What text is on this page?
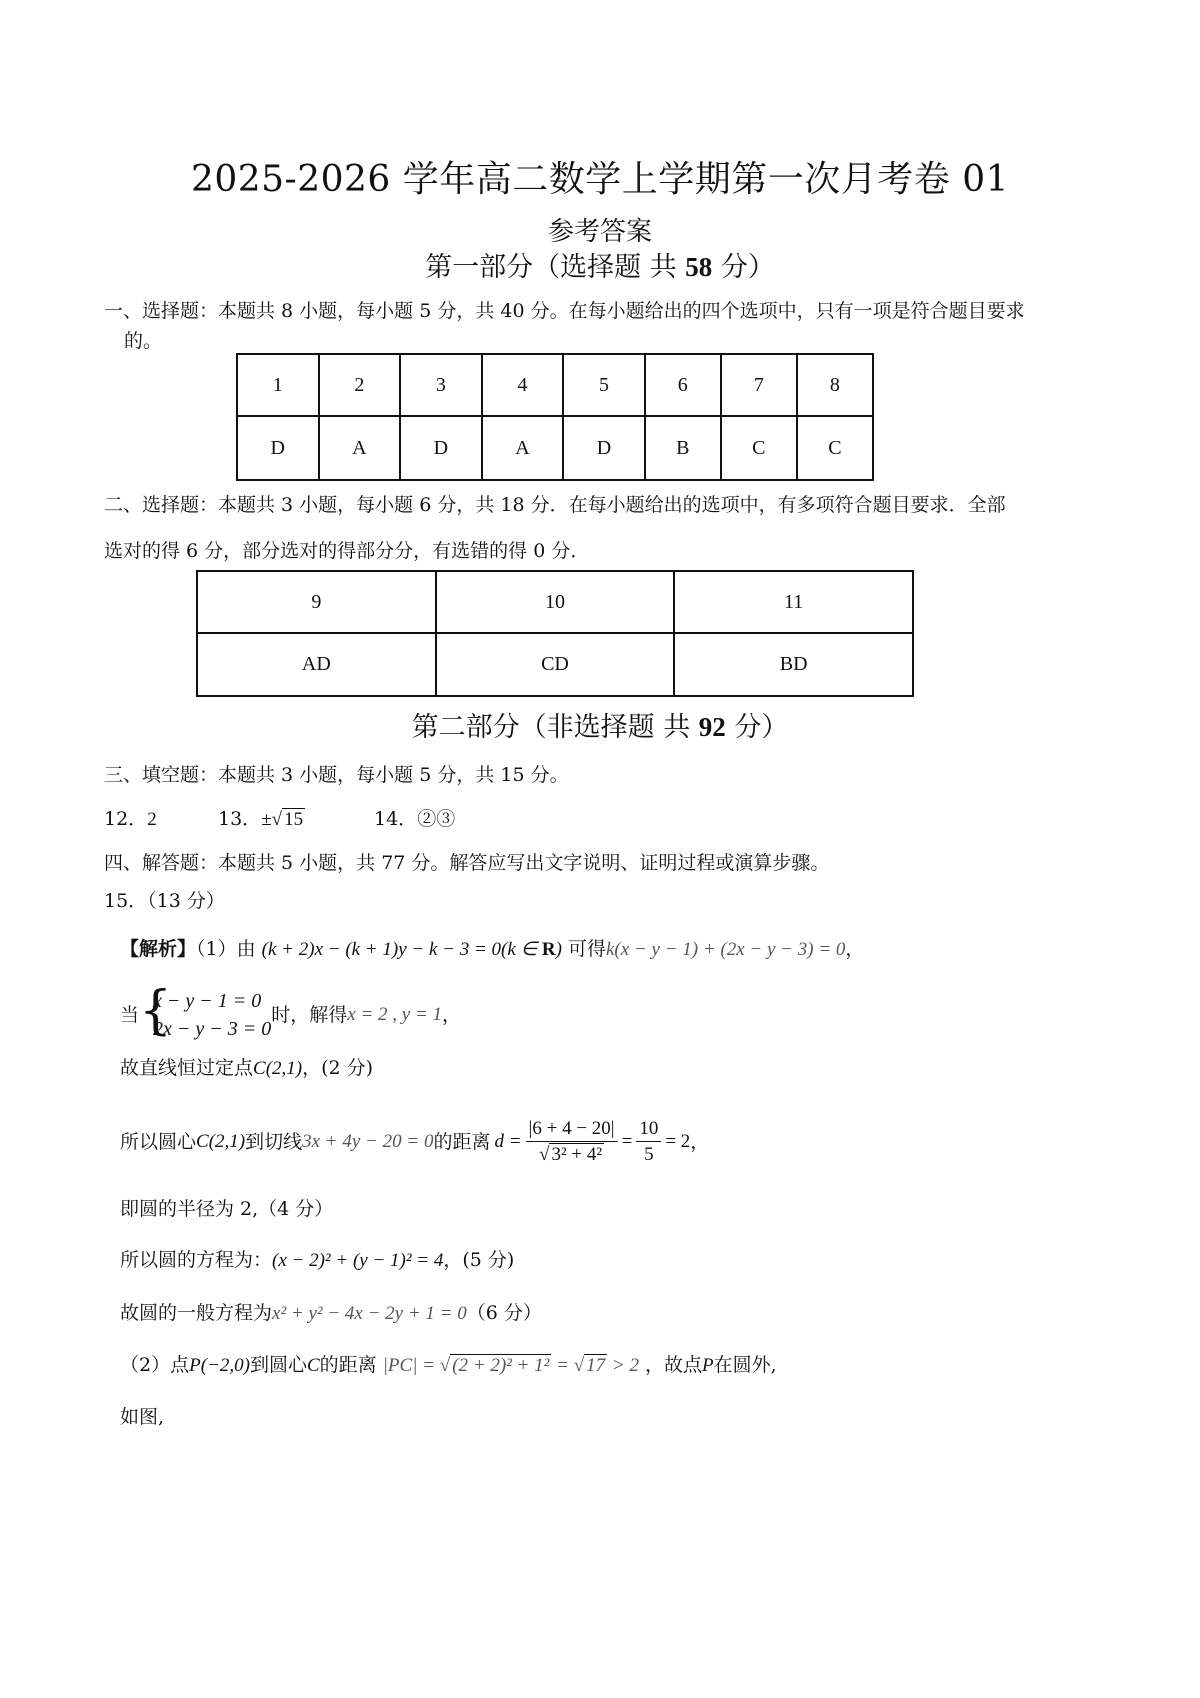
2025-2026 学年高二数学上学期第一次月考卷 01
参考答案
第一部分（选择题 共 58 分）
一、选择题：本题共 8 小题，每小题 5 分，共 40 分。在每小题给出的四个选项中，只有一项是符合题目要求的。
1	2	3	4	5	6	7	8
D	A	D	A	D	B	C	C
二、选择题：本题共 3 小题，每小题 6 分，共 18 分．在每小题给出的选项中，有多项符合题目要求．全部
选对的得 6 分，部分选对的得部分分，有选错的得 0 分．
9	10	11
AD	CD	BD
第二部分（非选择题 共 92 分）
三、填空题：本题共 3 小题，每小题 5 分，共 15 分。
12．2	13．±√ 15	14．②③
四、解答题：本题共 5 小题，共 77 分。解答应写出文字说明、证明过程或演算步骤。
15．（13 分）
【解析】（1）由 (k + 2)x − (k + 1)y − k − 3 = 0(k ∈ R) 可得k(x − y − 1) + (2x − y − 3) = 0，
当 {
x − y − 1 = 0
2x − y − 3 = 0
时，解得 x = 2 , y = 1 ，
故直线恒过定点C(2,1)，(2 分)
所以圆心 C(2,1) 到切线 3x + 4y − 20 = 0 的距离 $d = \frac{|6 + 4 - 20|}{\text{√ 3² + 4²}} = \frac{10}{5} = 2$ ，
即圆的半径为 2,（4 分）
所以圆的方程为：(x − 2)² + (y − 1)² = 4，(5 分)
故圆的一般方程为x² + y² − 4x − 2y + 1 = 0（6 分）
（2）点P(−2,0)到圆心C的距离 |PC| = √ (2 + 2)² + 1² = √ 17 > 2 ，故点P在圆外,
如图,
